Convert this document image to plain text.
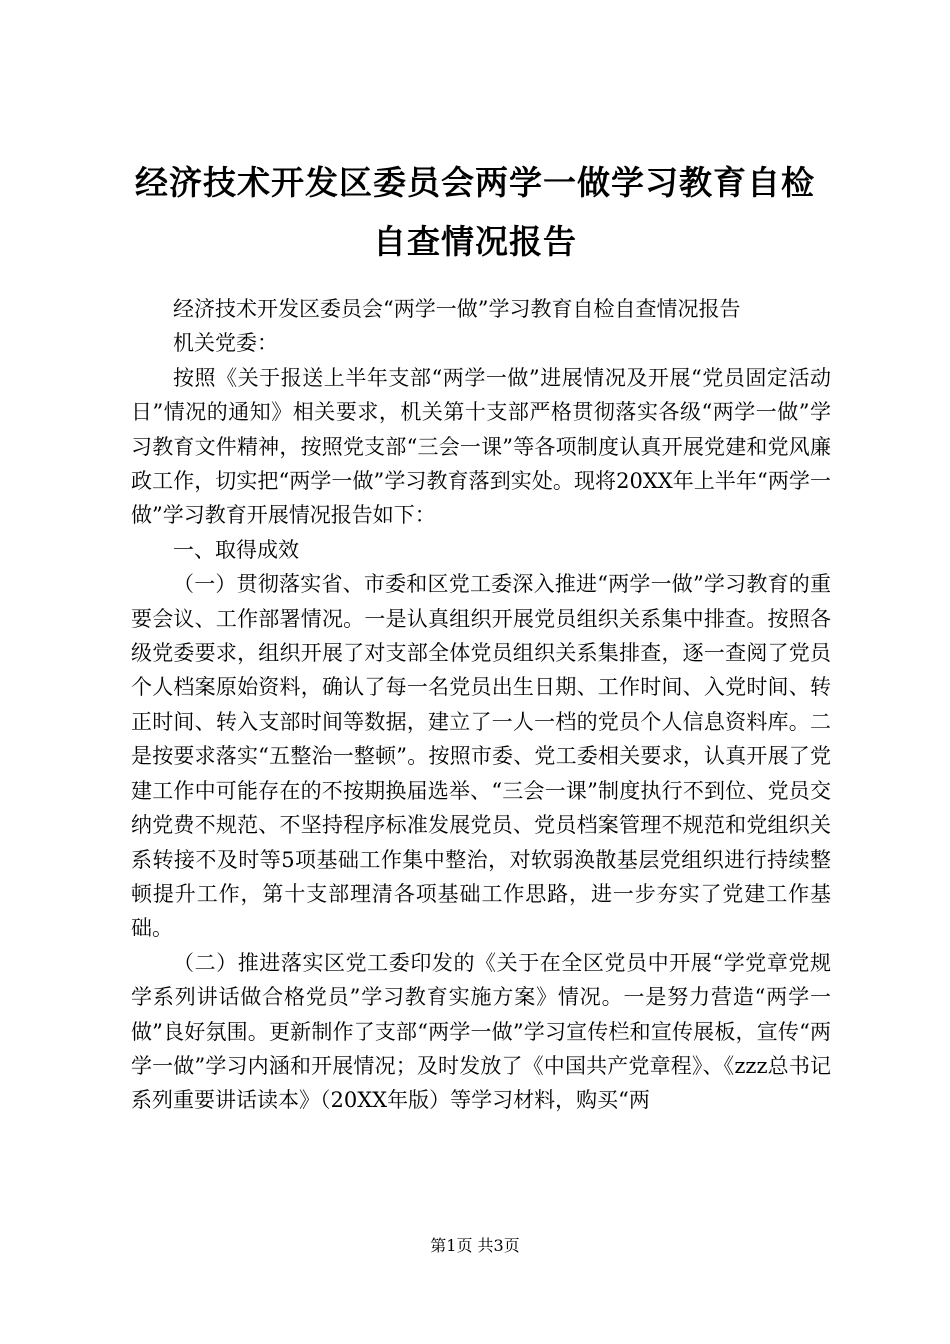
经济技术开发区委员会两学一做学习教育自检
自查情况报告

经济技术开发区委员会“两学一做”学习教育自检自查情况报告

机关党委：

按照《关于报送上半年支部“两学一做”进展情况及开展“党员固定活动日”情况的通知》相关要求，机关第十支部严格贯彻落实各级“两学一做”学习教育文件精神，按照党支部“三会一课”等各项制度认真开展党建和党风廉政工作，切实把“两学一做”学习教育落到实处。现将20XX年上半年“两学一做”学习教育开展情况报告如下：

一、取得成效

（一）贯彻落实省、市委和区党工委深入推进“两学一做”学习教育的重要会议、工作部署情况。一是认真组织开展党员组织关系集中排查。按照各级党委要求，组织开展了对支部全体党员组织关系集排查，逐一查阅了党员个人档案原始资料，确认了每一名党员出生日期、工作时间、入党时间、转正时间、转入支部时间等数据，建立了一人一档的党员个人信息资料库。二是按要求落实“五整治一整顿”。按照市委、党工委相关要求，认真开展了党建工作中可能存在的不按期换届选举、“三会一课”制度执行不到位、党员交纳党费不规范、不坚持程序标准发展党员、党员档案管理不规范和党组织关系转接不及时等5项基础工作集中整治，对软弱涣散基层党组织进行持续整顿提升工作，第十支部理清各项基础工作思路，进一步夯实了党建工作基础。

（二）推进落实区党工委印发的《关于在全区党员中开展“学党章党规学系列讲话做合格党员”学习教育实施方案》情况。一是努力营造“两学一做”良好氛围。更新制作了支部“两学一做”学习宣传栏和宣传展板，宣传“两学一做”学习内涵和开展情况；及时发放了《中国共产党章程》、《zzz总书记系列重要讲话读本》（20XX年版）等学习材料，购买“两

第1页 共3页
